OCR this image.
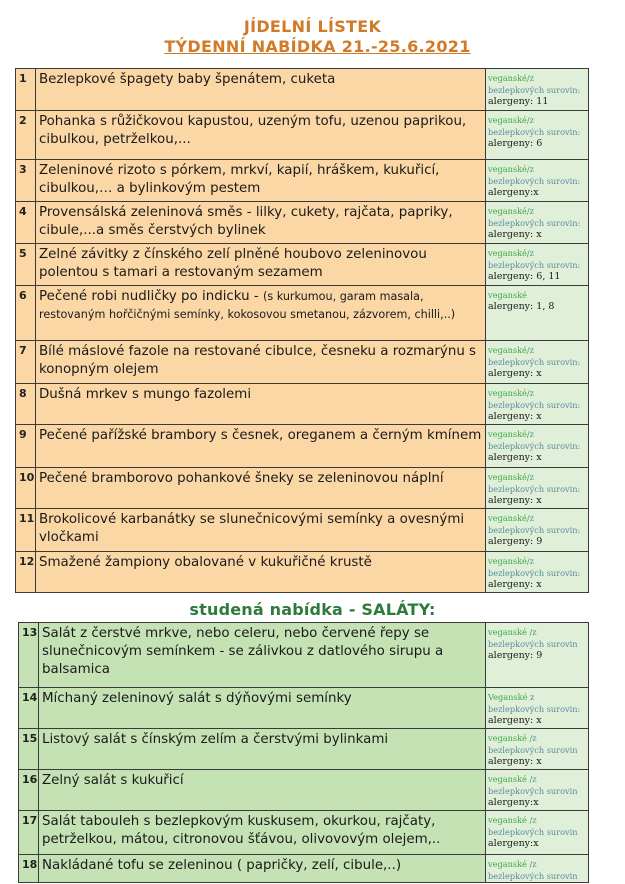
JÍDELNÍ LÍSTEK
TÝDENNÍ NABÍDKA 21.-25.6.2021
1	Bezlepkové špagety baby špenátem, cuketa	veganské/z bezlepkových surovin:
alergeny: 11

2	Pohanka s růžičkovou kapustou, uzeným tofu, uzenou paprikou, cibulkou, petrželkou,...	veganské/z bezlepkových surovin:
alergeny: 6

3	Zeleninové rizoto s pórkem, mrkví, kapií, hráškem, kukuřicí, cibulkou,… a bylinkovým pestem	veganské/z bezlepkových surovin:
alergeny:x

4	Provensálská zeleninová směs - lilky, cukety, rajčata, papriky, cibule,...a směs čerstvých bylinek	veganské/z bezlepkových surovin:
alergeny: x

5	Zelné závitky z čínského zelí plněné houbovo zeleninovou polentou s tamari a restovaným sezamem	veganské/z bezlepkových surovin:
alergeny: 6, 11

6	Pečené robi nudličky po indicku - (s kurkumou, garam masala, restovaným hořčičnými semínky, kokosovou smetanou, zázvorem, chilli,..)	veganské
alergeny: 1, 8

7	Bílé máslové fazole na restované cibulce, česneku a rozmarýnu s konopným olejem	veganské/z bezlepkových surovin:
alergeny: x

8	Dušná mrkev s mungo fazolemi	veganské/z bezlepkových surovin:
alergeny: x

9	Pečené pařížské brambory s česnek, oreganem a černým kmínem	veganské/z bezlepkových surovin:
alergeny: x

10	Pečené bramborovo pohankové šneky se zeleninovou náplní	veganské/z bezlepkových surovin:
alergeny: x

11	Brokolicové karbanátky se slunečnicovými semínky a ovesnými vločkami	veganské/z bezlepkových surovin:
alergeny: 9

12	Smažené žampiony obalované v kukuřičné krustě	veganské/z bezlepkových surovin:
alergeny: x
studená nabídka - SALÁTY:
13	Salát z čerstvé mrkve, nebo celeru, nebo červené řepy se slunečnicovým semínkem - se zálivkou z datlového sirupu a balsamica	veganské /z bezlepkových surovin
alergeny: 9

14	Míchaný zeleninový salát s dýňovými semínky	Veganské z bezlepkových surovin:
alergeny: x

15	Listový salát s čínským zelím a čerstvými bylinkami	veganské /z bezlepkových surovin
alergeny: x

16	Zelný salát s kukuřicí	veganské /z bezlepkových surovin
alergeny:x

17	Salát tabouleh s bezlepkovým kuskusem, okurkou, rajčaty, petrželkou, mátou, citronovou šťávou, olivovovým olejem,..	veganské /z bezlepkových surovin
alergeny:x

18	Nakládané tofu se zeleninou ( papričky, zelí, cibule,..)	veganské /z bezlepkových surovin
